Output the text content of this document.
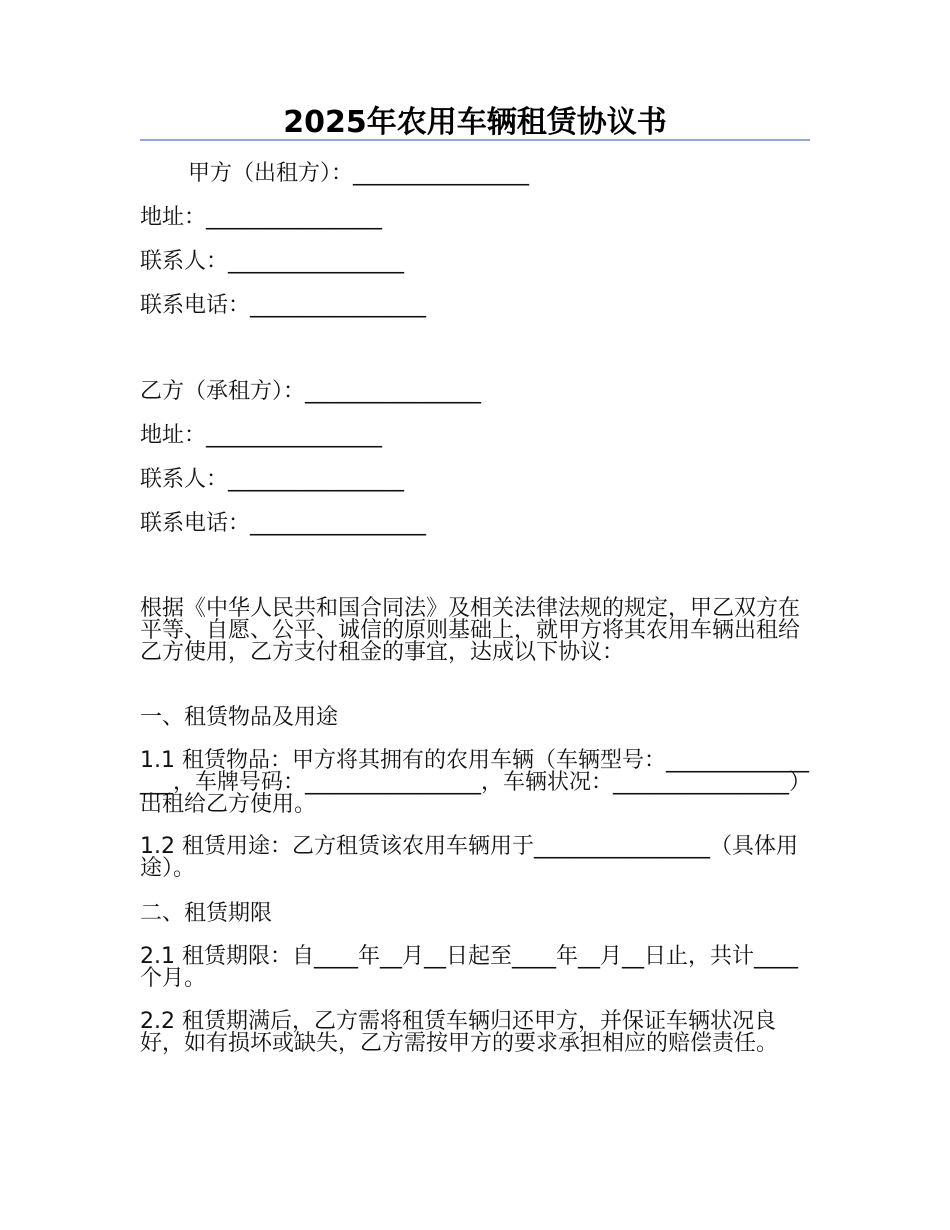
2025年农用车辆租赁协议书
甲方（出租方）：________________
地址：________________
联系人：________________
联系电话：________________
乙方（承租方）：________________
地址：________________
联系人：________________
联系电话：________________
根据《中华人民共和国合同法》及相关法律法规的规定，甲乙双方在平等、自愿、公平、诚信的原则基础上，就甲方将其农用车辆出租给乙方使用，乙方支付租金的事宜，达成以下协议：
一、租赁物品及用途
1.1 租赁物品：甲方将其拥有的农用车辆（车辆型号：________________，车牌号码：________________，车辆状况：________________）出租给乙方使用。
1.2 租赁用途：乙方租赁该农用车辆用于________________（具体用途）。
二、租赁期限
2.1 租赁期限：自____年__月__日起至____年__月__日止，共计____个月。
2.2 租赁期满后，乙方需将租赁车辆归还甲方，并保证车辆状况良好，如有损坏或缺失，乙方需按甲方的要求承担相应的赔偿责任。
